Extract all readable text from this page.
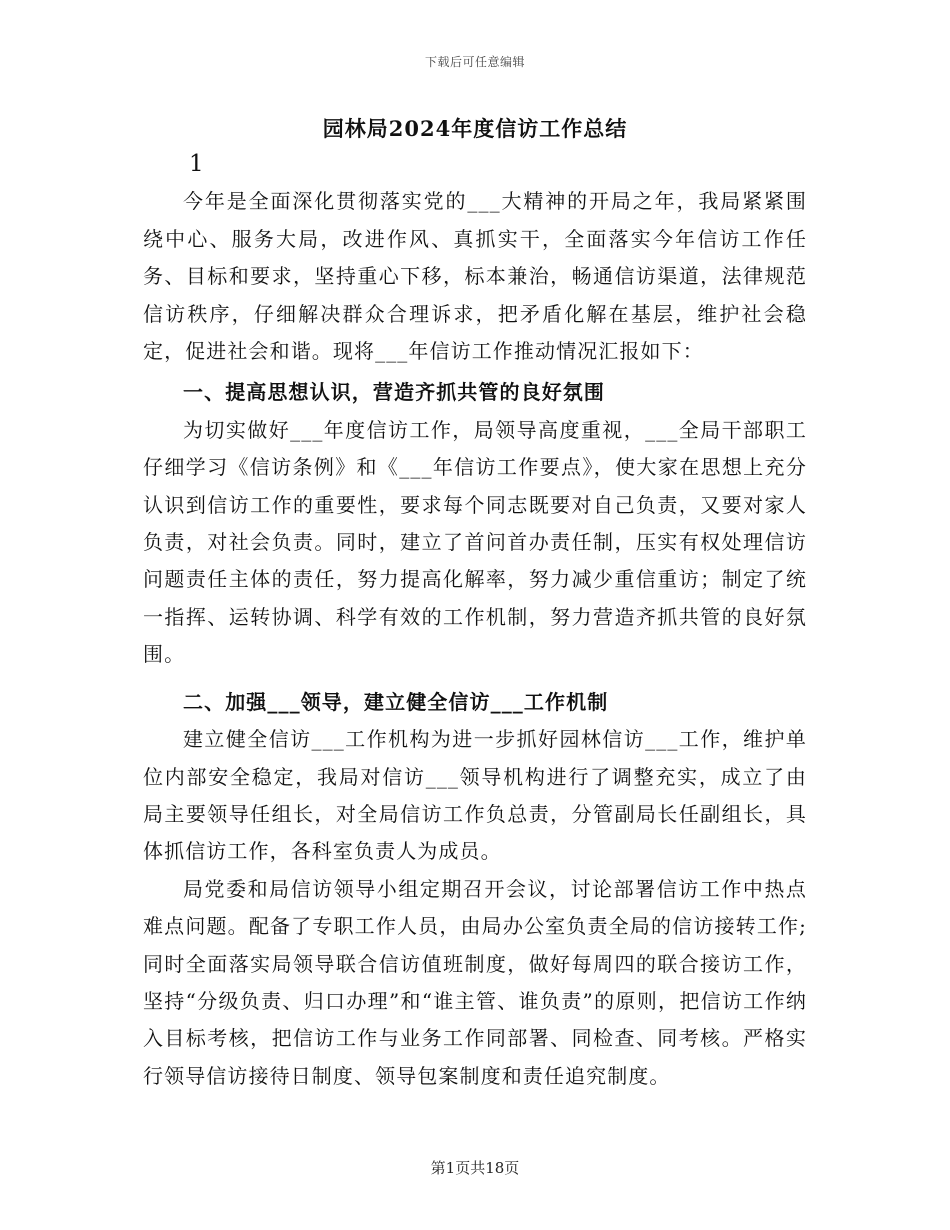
下载后可任意编辑
园林局2024年度信访工作总结
1

今年是全面深化贯彻落实党的___大精神的开局之年，我局紧紧围绕中心、服务大局，改进作风、真抓实干，全面落实今年信访工作任务、目标和要求，坚持重心下移，标本兼治，畅通信访渠道，法律规范信访秩序，仔细解决群众合理诉求，把矛盾化解在基层，维护社会稳定，促进社会和谐。现将___年信访工作推动情况汇报如下：

一、提高思想认识，营造齐抓共管的良好氛围

为切实做好___年度信访工作，局领导高度重视，___全局干部职工仔细学习《信访条例》和《___年信访工作要点》，使大家在思想上充分认识到信访工作的重要性，要求每个同志既要对自己负责，又要对家人负责，对社会负责。同时，建立了首问首办责任制，压实有权处理信访问题责任主体的责任，努力提高化解率，努力减少重信重访；制定了统一指挥、运转协调、科学有效的工作机制，努力营造齐抓共管的良好氛围。

二、加强___领导，建立健全信访___工作机制

建立健全信访___工作机构为进一步抓好园林信访___工作，维护单位内部安全稳定，我局对信访___领导机构进行了调整充实，成立了由局主要领导任组长，对全局信访工作负总责，分管副局长任副组长，具体抓信访工作，各科室负责人为成员。

局党委和局信访领导小组定期召开会议，讨论部署信访工作中热点难点问题。配备了专职工作人员，由局办公室负责全局的信访接转工作;同时全面落实局领导联合信访值班制度，做好每周四的联合接访工作，坚持“分级负责、归口办理”和“谁主管、谁负责”的原则，把信访工作纳入目标考核，把信访工作与业务工作同部署、同检查、同考核。严格实行领导信访接待日制度、领导包案制度和责任追究制度。

第1页共18页
